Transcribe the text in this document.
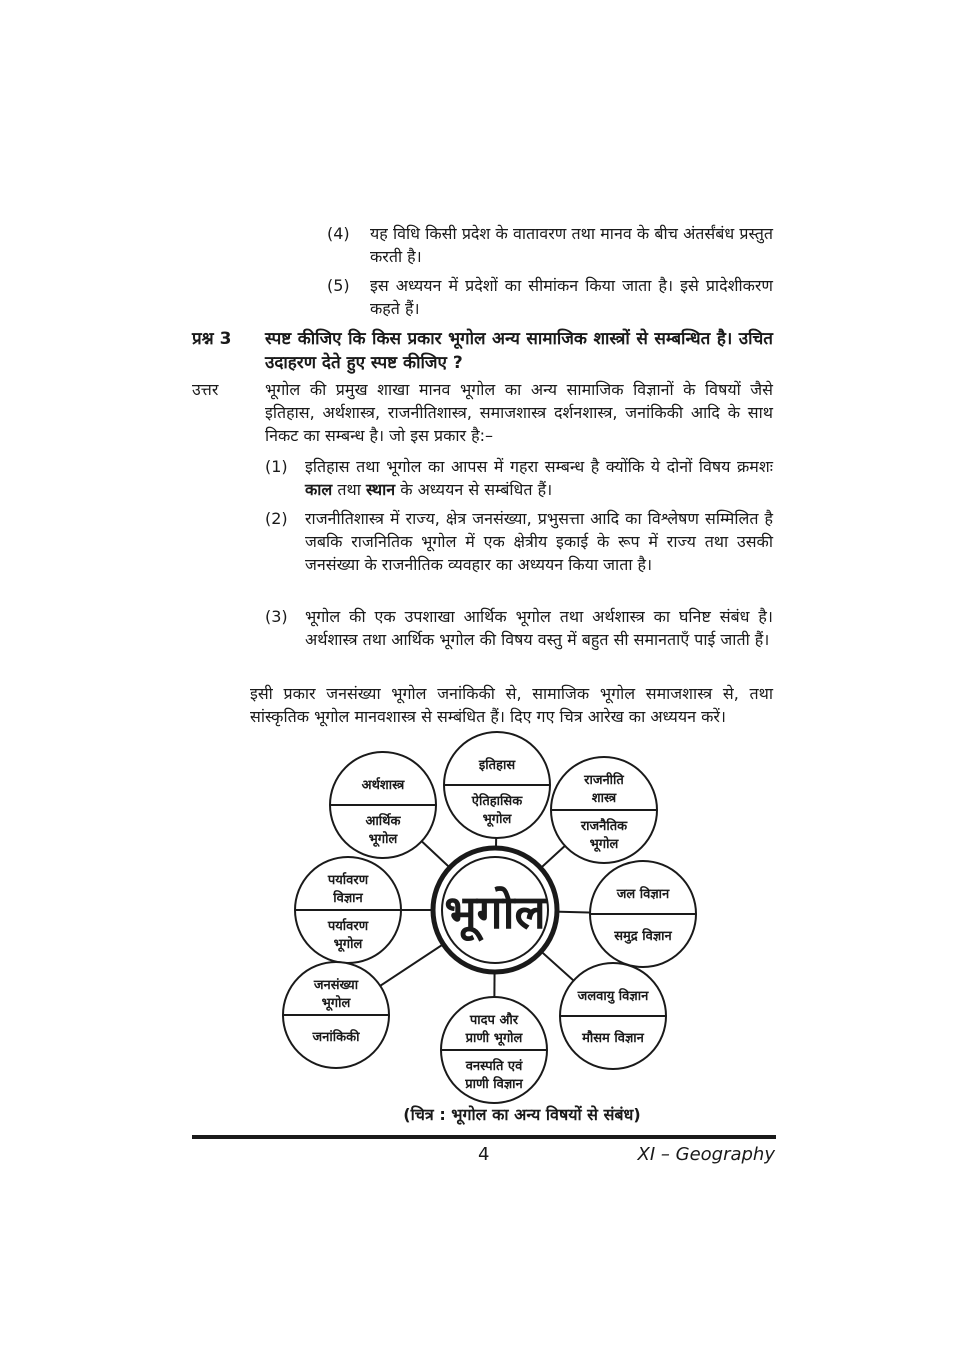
(4) यह विधि किसी प्रदेश के वातावरण तथा मानव के बीच अंतर्संबंध प्रस्तुत करती है।
(5) इस अध्ययन में प्रदेशों का सीमांकन किया जाता है। इसे प्रादेशीकरण कहते हैं।
प्रश्न 3 स्पष्ट कीजिए कि किस प्रकार भूगोल अन्य सामाजिक शास्त्रों से सम्बन्धित है। उचित उदाहरण देते हुए स्पष्ट कीजिए ?
उत्तर	भूगोल की प्रमुख शाखा मानव भूगोल का अन्य सामाजिक विज्ञानों के विषयों जैसे इतिहास, अर्थशास्त्र, राजनीतिशास्त्र, समाजशास्त्र दर्शनशास्त्र, जनांकिकी आदि के साथ निकट का सम्बन्ध है। जो इस प्रकार है:–
(1) इतिहास तथा भूगोल का आपस में गहरा सम्बन्ध है क्योंकि ये दोनों विषय क्रमशः काल तथा स्थान के अध्ययन से सम्बंधित हैं।
(2) राजनीतिशास्त्र में राज्य, क्षेत्र जनसंख्या, प्रभुसत्ता आदि का विश्लेषण सम्मिलित है जबकि राजनितिक भूगोल में एक क्षेत्रीय इकाई के रूप में राज्य तथा उसकी जनसंख्या के राजनीतिक व्यवहार का अध्ययन किया जाता है।
(3) भूगोल की एक उपशाखा आर्थिक भूगोल तथा अर्थशास्त्र का घनिष्ट संबंध है। अर्थशास्त्र तथा आर्थिक भूगोल की विषय वस्तु में बहुत सी समानताएँ पाई जाती हैं।
इसी प्रकार जनसंख्या भूगोल जनांकिकी से, सामाजिक भूगोल समाजशास्त्र से, तथा सांस्कृतिक भूगोल मानवशास्त्र से सम्बंधित हैं। दिए गए चित्र आरेख का अध्ययन करें।
भूगोल
इतिहास
ऐतिहासिक
भूगोल
अर्थशास्त्र
आर्थिक
भूगोल
राजनीति
शास्त्र
राजनैतिक
भूगोल
पर्यावरण
विज्ञान
पर्यावरण
भूगोल
जल विज्ञान
समुद्र विज्ञान
जनसंख्या
भूगोल
जनांकिकी
पादप और
प्राणी भूगोल
वनस्पति एवं
प्राणी विज्ञान
जलवायु विज्ञान
मौसम विज्ञान
(चित्र : भूगोल का अन्य विषयों से संबंध)
4	XI – Geography
